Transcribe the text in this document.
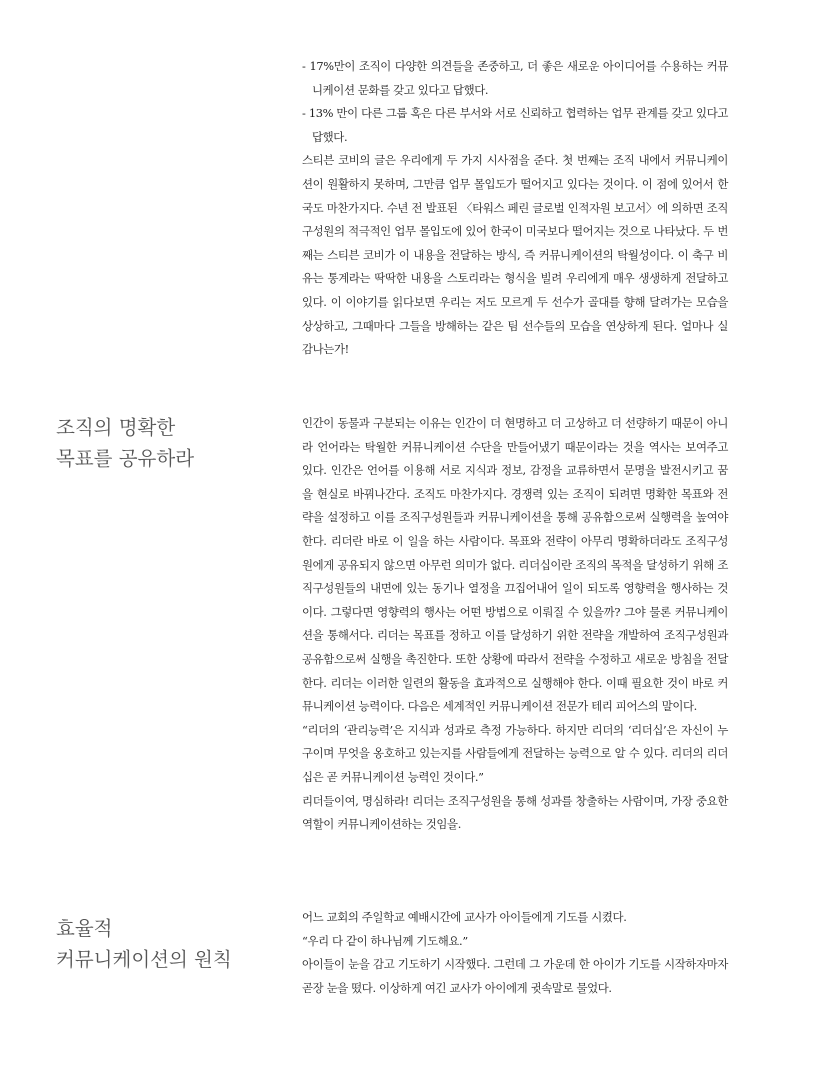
- 17%만이 조직이 다양한 의견들을 존중하고, 더 좋은 새로운 아이디어를 수용하는 커뮤니케이션 문화를 갖고 있다고 답했다.

- 13% 만이 다른 그룹 혹은 다른 부서와 서로 신뢰하고 협력하는 업무 관계를 갖고 있다고 답했다.

스티븐 코비의 글은 우리에게 두 가지 시사점을 준다. 첫 번째는 조직 내에서 커뮤니케이션이 원활하지 못하며, 그만큼 업무 몰입도가 떨어지고 있다는 것이다. 이 점에 있어서 한국도 마찬가지다. 수년 전 발표된 〈타워스 페린 글로벌 인적자원 보고서〉에 의하면 조직구성원의 적극적인 업무 몰입도에 있어 한국이 미국보다 떨어지는 것으로 나타났다. 두 번째는 스티븐 코비가 이 내용을 전달하는 방식, 즉 커뮤니케이션의 탁월성이다. 이 축구 비유는 통계라는 딱딱한 내용을 스토리라는 형식을 빌려 우리에게 매우 생생하게 전달하고 있다. 이 이야기를 읽다보면 우리는 저도 모르게 두 선수가 골대를 향해 달려가는 모습을 상상하고, 그때마다 그들을 방해하는 같은 팀 선수들의 모습을 연상하게 된다. 얼마나 실감나는가!

조직의 명확한
목표를 공유하라

인간이 동물과 구분되는 이유는 인간이 더 현명하고 더 고상하고 더 선량하기 때문이 아니라 언어라는 탁월한 커뮤니케이션 수단을 만들어냈기 때문이라는 것을 역사는 보여주고 있다. 인간은 언어를 이용해 서로 지식과 정보, 감정을 교류하면서 문명을 발전시키고 꿈을 현실로 바꿔나간다. 조직도 마찬가지다. 경쟁력 있는 조직이 되려면 명확한 목표와 전략을 설정하고 이를 조직구성원들과 커뮤니케이션을 통해 공유함으로써 실행력을 높여야 한다. 리더란 바로 이 일을 하는 사람이다. 목표와 전략이 아무리 명확하더라도 조직구성원에게 공유되지 않으면 아무런 의미가 없다. 리더십이란 조직의 목적을 달성하기 위해 조직구성원들의 내면에 있는 동기나 열정을 끄집어내어 일이 되도록 영향력을 행사하는 것이다. 그렇다면 영향력의 행사는 어떤 방법으로 이뤄질 수 있을까? 그야 물론 커뮤니케이션을 통해서다. 리더는 목표를 정하고 이를 달성하기 위한 전략을 개발하여 조직구성원과 공유함으로써 실행을 촉진한다. 또한 상황에 따라서 전략을 수정하고 새로운 방침을 전달한다. 리더는 이러한 일련의 활동을 효과적으로 실행해야 한다. 이때 필요한 것이 바로 커뮤니케이션 능력이다. 다음은 세계적인 커뮤니케이션 전문가 테리 피어스의 말이다.

“리더의 ‘관리능력’은 지식과 성과로 측정 가능하다. 하지만 리더의 ‘리더십’은 자신이 누구이며 무엇을 옹호하고 있는지를 사람들에게 전달하는 능력으로 알 수 있다. 리더의 리더십은 곧 커뮤니케이션 능력인 것이다.”

리더들이여, 명심하라! 리더는 조직구성원을 통해 성과를 창출하는 사람이며, 가장 중요한 역할이 커뮤니케이션하는 것임을.

효율적
커뮤니케이션의 원칙

어느 교회의 주일학교 예배시간에 교사가 아이들에게 기도를 시켰다.

“우리 다 같이 하나님께 기도해요.”

아이들이 눈을 감고 기도하기 시작했다. 그런데 그 가운데 한 아이가 기도를 시작하자마자 곧장 눈을 떴다. 이상하게 여긴 교사가 아이에게 귓속말로 물었다.
